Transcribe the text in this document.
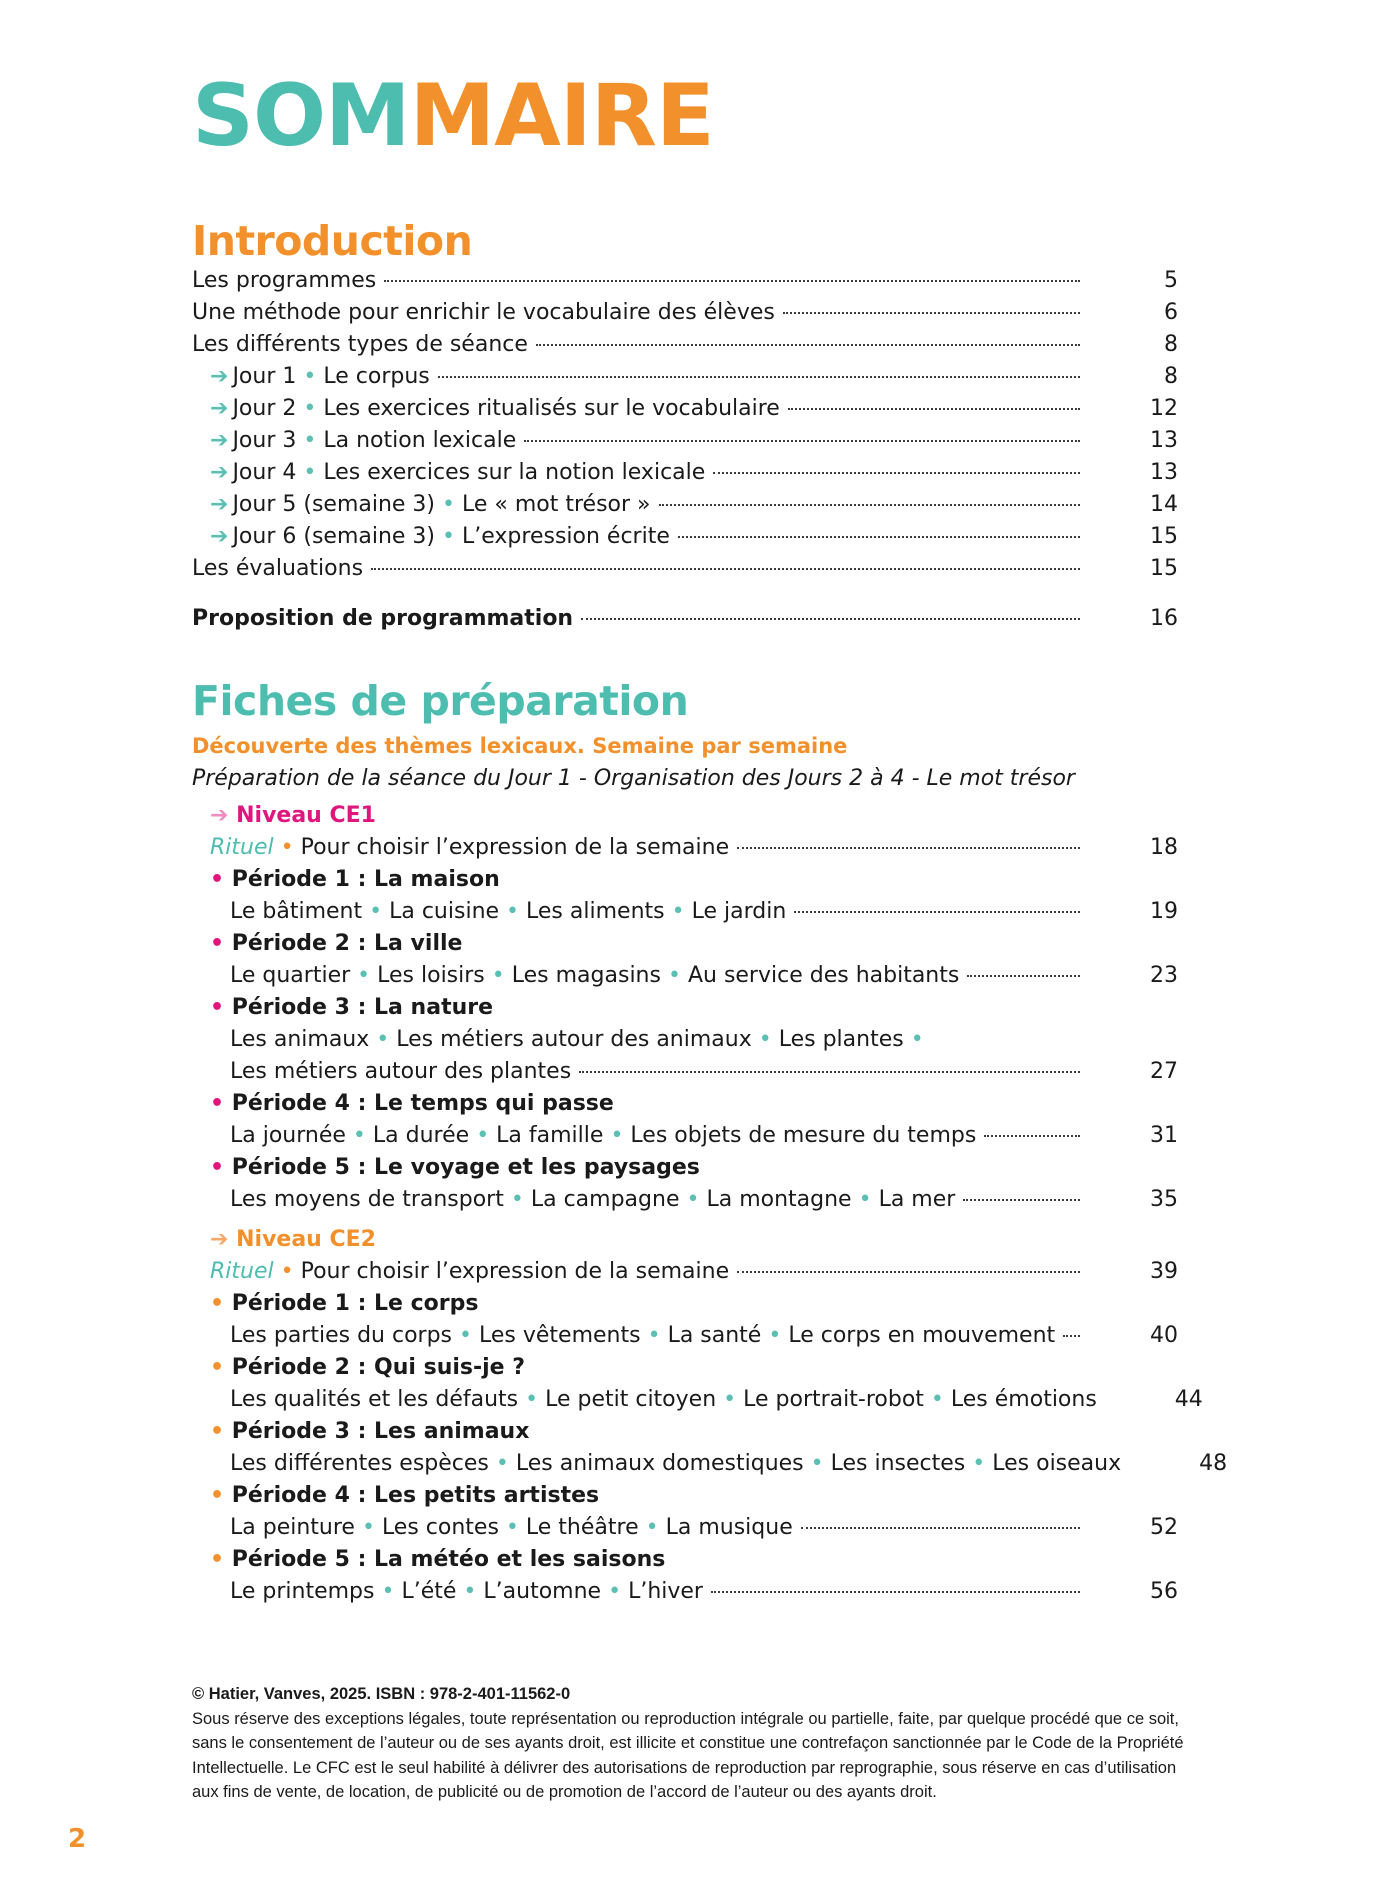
SOMMAIRE
Introduction
Les programmes	5
Une méthode pour enrichir le vocabulaire des élèves	6
Les différents types de séance	8
➔ Jour 1 • Le corpus	8
➔ Jour 2 • Les exercices ritualisés sur le vocabulaire	12
➔ Jour 3 • La notion lexicale	13
➔ Jour 4 • Les exercices sur la notion lexicale	13
➔ Jour 5 (semaine 3) • Le « mot trésor »	14
➔ Jour 6 (semaine 3) • L’expression écrite	15
Les évaluations	15
Proposition de programmation	16
Fiches de préparation
Découverte des thèmes lexicaux. Semaine par semaine
Préparation de la séance du Jour 1 - Organisation des Jours 2 à 4 - Le mot trésor
➔ Niveau CE1
Rituel • Pour choisir l’expression de la semaine	18
• Période 1 : La maison
Le bâtiment • La cuisine • Les aliments • Le jardin	19
• Période 2 : La ville
Le quartier • Les loisirs • Les magasins • Au service des habitants	23
• Période 3 : La nature
Les animaux • Les métiers autour des animaux • Les plantes •
Les métiers autour des plantes	27
• Période 4 : Le temps qui passe
La journée • La durée • La famille • Les objets de mesure du temps	31
• Période 5 : Le voyage et les paysages
Les moyens de transport • La campagne • La montagne • La mer	35
➔ Niveau CE2
Rituel • Pour choisir l’expression de la semaine	39
• Période 1 : Le corps
Les parties du corps • Les vêtements • La santé • Le corps en mouvement	40
• Période 2 : Qui suis-je ?
Les qualités et les défauts • Le petit citoyen • Le portrait-robot • Les émotions	44
• Période 3 : Les animaux
Les différentes espèces • Les animaux domestiques • Les insectes • Les oiseaux	48
• Période 4 : Les petits artistes
La peinture • Les contes • Le théâtre • La musique	52
• Période 5 : La météo et les saisons
Le printemps • L’été • L’automne • L’hiver	56
© Hatier, Vanves, 2025. ISBN : 978-2-401-11562-0
Sous réserve des exceptions légales, toute représentation ou reproduction intégrale ou partielle, faite, par quelque procédé que ce soit,
sans le consentement de l’auteur ou de ses ayants droit, est illicite et constitue une contrefaçon sanctionnée par le Code de la Propriété
Intellectuelle. Le CFC est le seul habilité à délivrer des autorisations de reproduction par reprographie, sous réserve en cas d’utilisation
aux fins de vente, de location, de publicité ou de promotion de l’accord de l’auteur ou des ayants droit.
2
